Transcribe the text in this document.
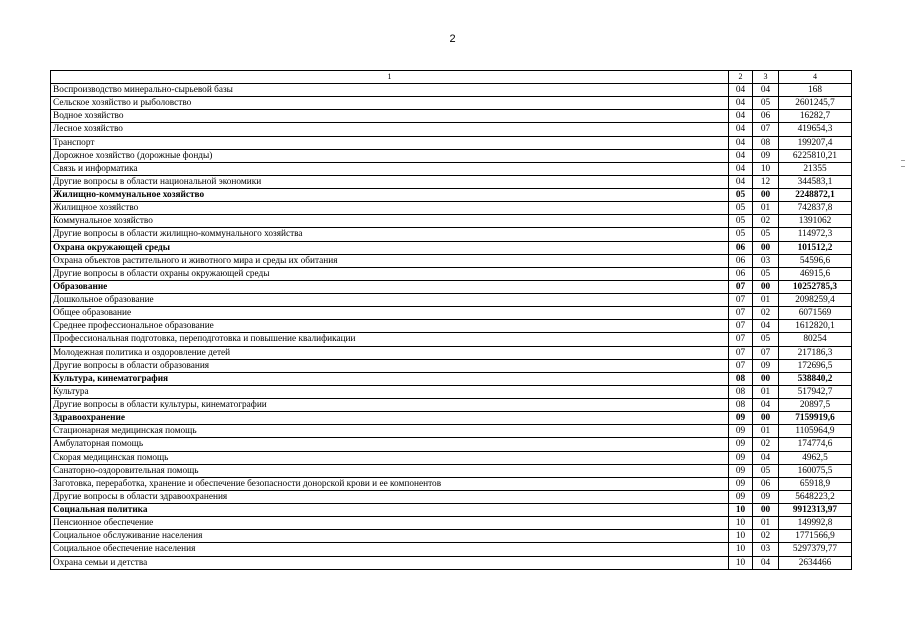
2
1	2	3	4
Воспроизводство минерально-сырьевой базы	04	04	168
Сельское хозяйство и рыболовство	04	05	2601245,7
Водное хозяйство	04	06	16282,7
Лесное хозяйство	04	07	419654,3
Транспорт	04	08	199207,4
Дорожное хозяйство (дорожные фонды)	04	09	6225810,21
Связь и информатика	04	10	21355
Другие вопросы в области национальной экономики	04	12	344583,1
Жилищно-коммунальное хозяйство	05	00	2248872,1
Жилищное хозяйство	05	01	742837,8
Коммунальное хозяйство	05	02	1391062
Другие вопросы в области жилищно-коммунального хозяйства	05	05	114972,3
Охрана окружающей среды	06	00	101512,2
Охрана объектов растительного и животного мира и среды их обитания	06	03	54596,6
Другие вопросы в области охраны окружающей среды	06	05	46915,6
Образование	07	00	10252785,3
Дошкольное образование	07	01	2098259,4
Общее образование	07	02	6071569
Среднее профессиональное образование	07	04	1612820,1
Профессиональная подготовка, переподготовка и повышение квалификации	07	05	80254
Молодежная политика и оздоровление детей	07	07	217186,3
Другие вопросы в области образования	07	09	172696,5
Культура, кинематография	08	00	538840,2
Культура	08	01	517942,7
Другие вопросы в области культуры, кинематографии	08	04	20897,5
Здравоохранение	09	00	7159919,6
Стационарная медицинская помощь	09	01	1105964,9
Амбулаторная помощь	09	02	174774,6
Скорая медицинская помощь	09	04	4962,5
Санаторно-оздоровительная помощь	09	05	160075,5
Заготовка, переработка, хранение и обеспечение безопасности донорской крови и ее компонентов	09	06	65918,9
Другие вопросы в области здравоохранения	09	09	5648223,2
Социальная политика	10	00	9912313,97
Пенсионное обеспечение	10	01	149992,8
Социальное обслуживание населения	10	02	1771566,9
Социальное обеспечение населения	10	03	5297379,77
Охрана семьи и детства	10	04	2634466
